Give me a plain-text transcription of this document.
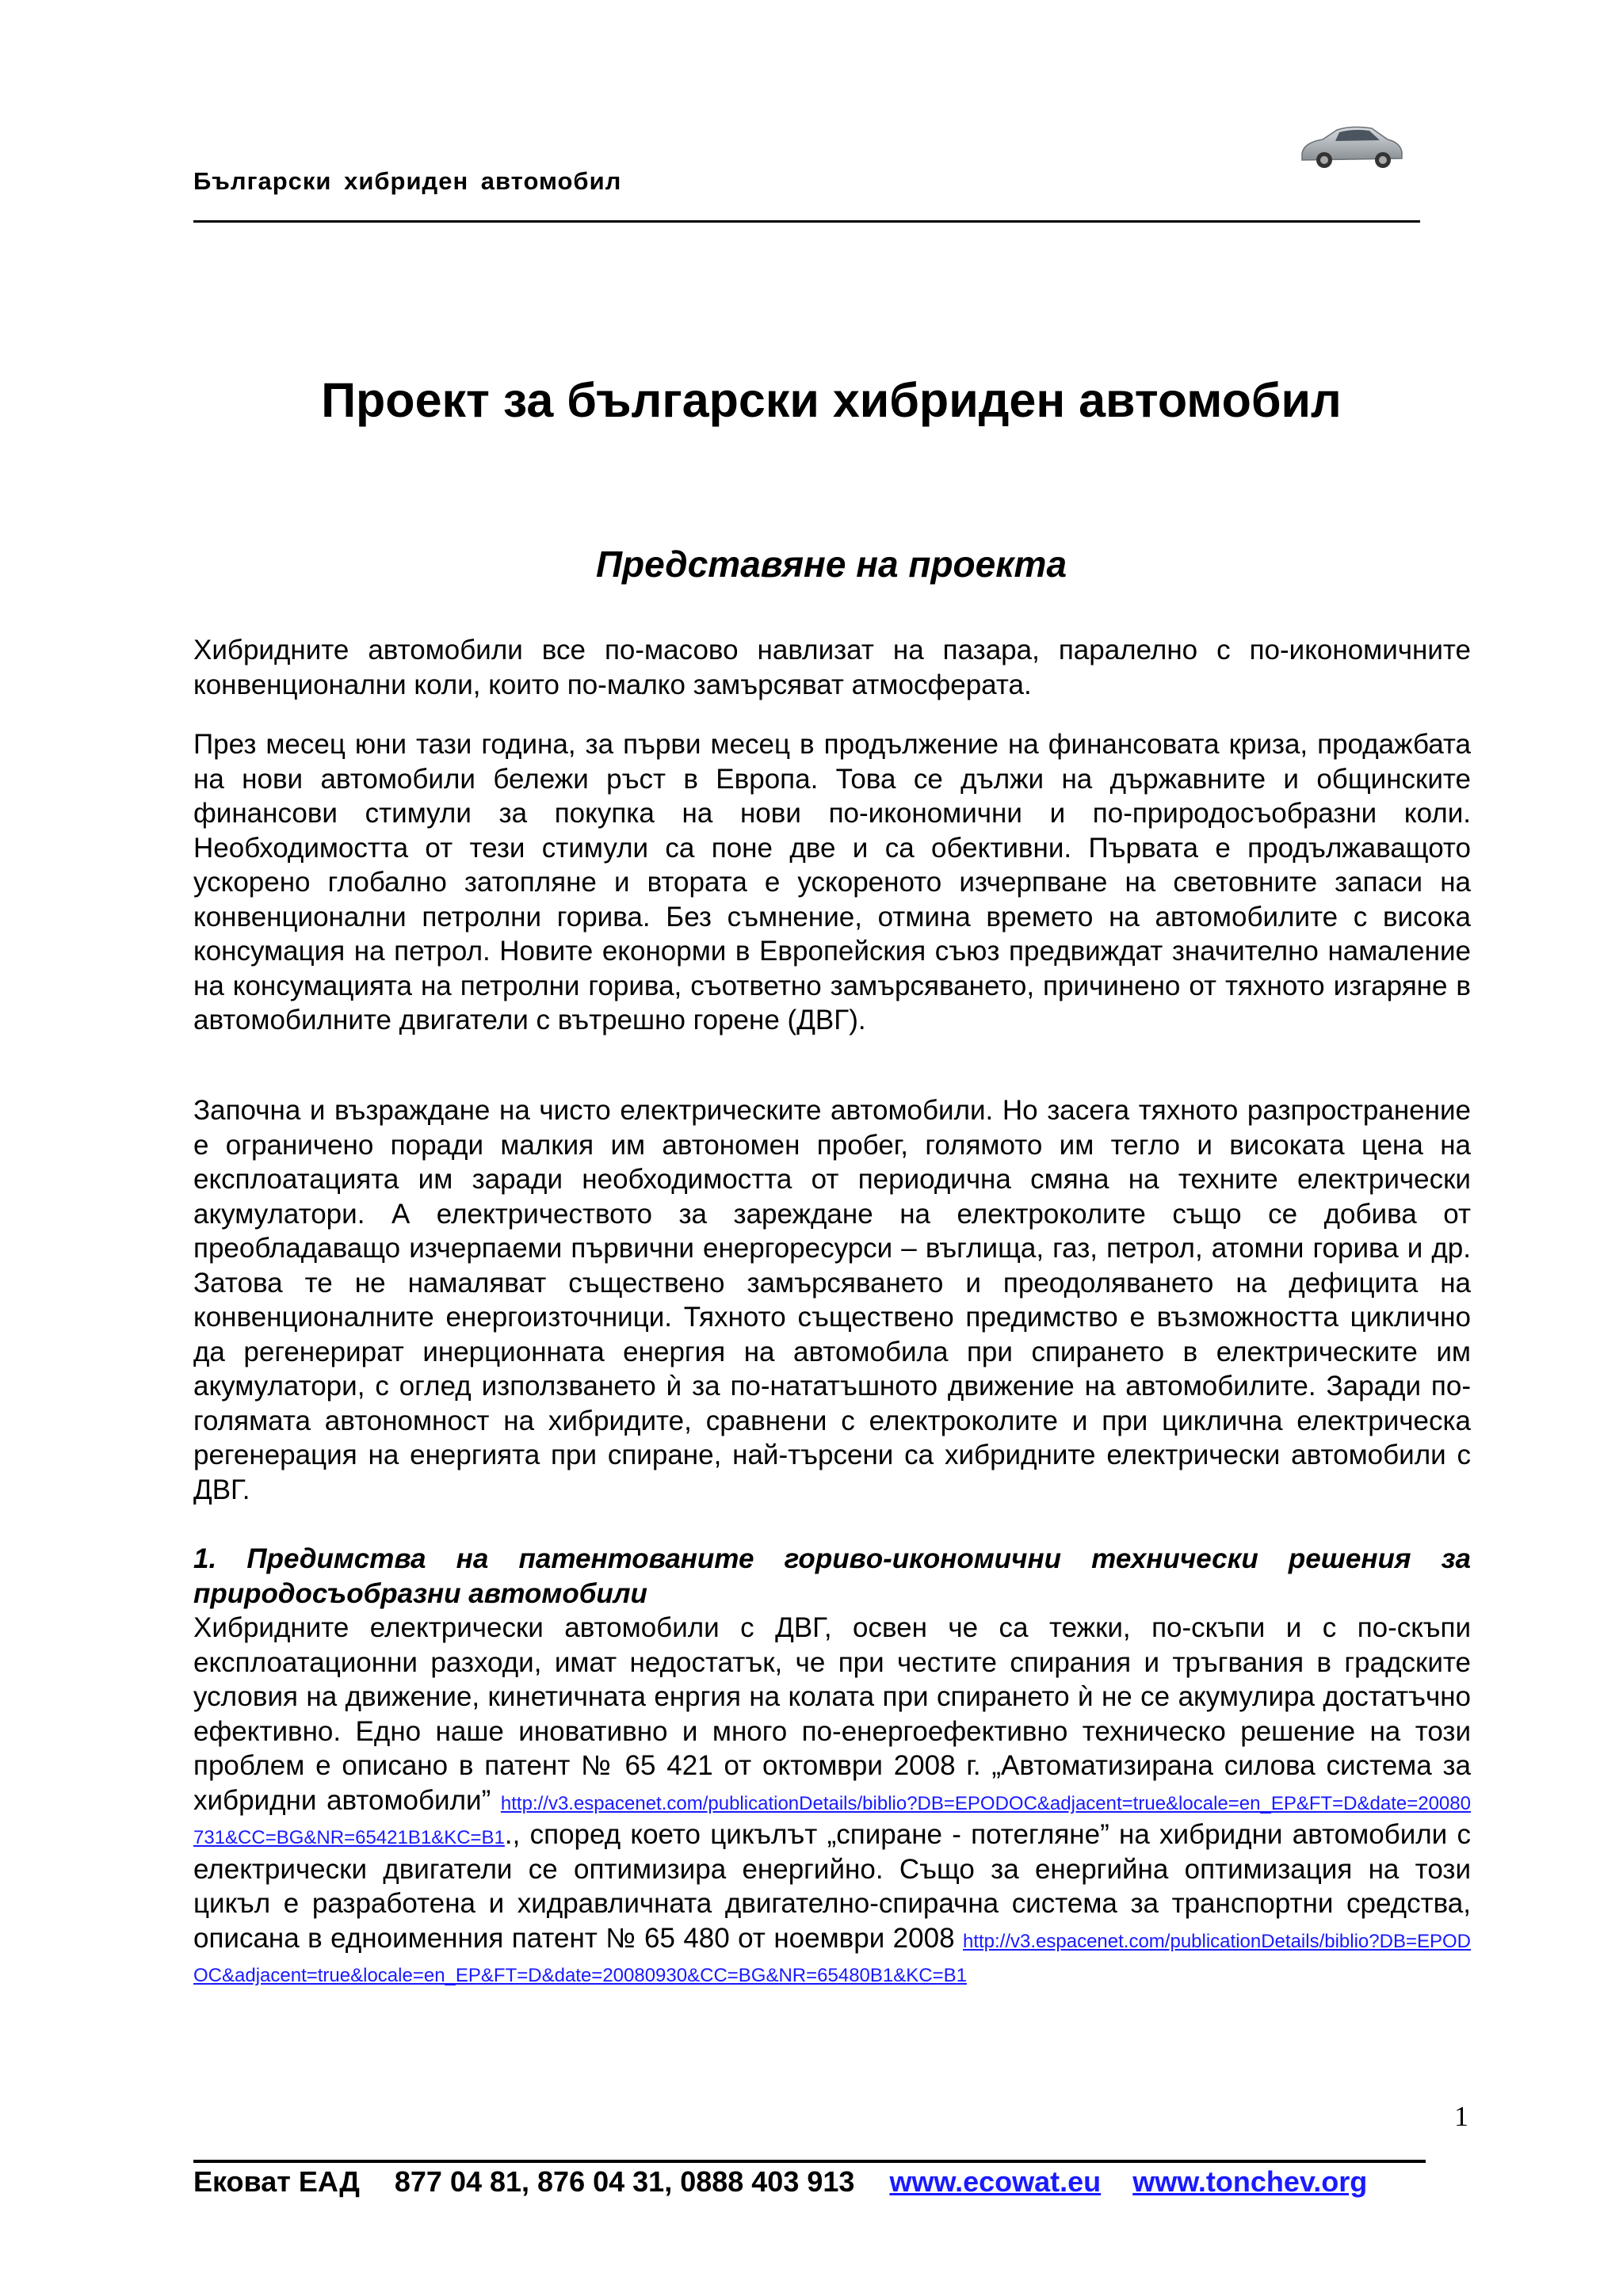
Български хибриден автомобил
Проект за български хибриден автомобил
Представяне на проекта
Хибридните автомобили все по-масово навлизат на пазара, паралелно с по-икономичните конвенционални коли, които по-малко замърсяват атмосферата.
През месец юни тази година, за първи месец в продължение на финансовата криза, продажбата на нови автомобили бележи ръст в Европа. Това се дължи на държавните и общинските финансови стимули за покупка на нови по-икономични и по-природосъобразни коли. Необходимостта от тези стимули са поне две и са обективни. Първата е продължаващото ускорено глобално затопляне и втората е ускореното изчерпване на световните запаси на конвенционални петролни горива. Без съмнение, отмина времето на автомобилите с висока консумация на петрол. Новите еконорми в Европейския съюз предвиждат значително намаление на консумацията на петролни горива, съответно замърсяването, причинено от тяхното изгаряне в автомобилните двигатели с вътрешно горене (ДВГ).
Започна и възраждане на чисто електрическите автомобили. Но засега тяхното разпространение е ограничено поради малкия им автономен пробег, голямото им тегло и високата цена на експлоатацията им заради необходимостта от периодична смяна на техните електрически акумулатори. А електричеството за зареждане на електроколите също се добива от преобладаващо изчерпаеми първични енергоресурси – въглища, газ, петрол, атомни горива и др. Затова те не намаляват съществено замърсяването и преодоляването на дефицита на конвенционалните енергоизточници. Тяхното съществено предимство е възможността циклично да регенерират инерционната енергия на автомобила при спирането в електрическите им акумулатори, с оглед използването ѝ за по-нататъшното движение на автомобилите. Заради по-голямата автономност на хибридите, сравнени с електроколите и при циклична електрическа регенерация на енергията при спиране, най-търсени са хибридните електрически автомобили с ДВГ.
1. Предимства на патентованите горивo-икономични технически решения за природосъобразни автомобили
Хибридните електрически автомобили с ДВГ, освен че са тежки, по-скъпи и с по-скъпи експлоатационни разходи, имат недостатък, че при честите спирания и тръгвания в градските условия на движение, кинетичната енргия на колата при спирането ѝ не се акумулира достатъчно ефективно. Едно наше иновативно и много по-енергоефективно техническо решение на този проблем е описано в патент № 65 421 от октомври 2008 г. „Автоматизирана силова система за хибридни автомобили” http://v3.espacenet.com/publicationDetails/biblio?DB=EPODOC&adjacent=true&locale=en_EP&FT=D&date=20080731&CC=BG&NR=65421B1&KC=B1., според което цикълът „спиране - потегляне” на хибридни автомобили с електрически двигатели се оптимизира енергийно. Също за енергийна оптимизация на този цикъл е разработена и хидравличната двигателно-спирачна система за транспортни средства, описана в едноименния патент № 65 480 от ноември 2008 http://v3.espacenet.com/publicationDetails/biblio?DB=EPODOC&adjacent=true&locale=en_EP&FT=D&date=20080930&CC=BG&NR=65480B1&KC=B1
1
Ековат ЕАД 877 04 81, 876 04 31, 0888 403 913 www.ecowat.eu www.tonchev.org
